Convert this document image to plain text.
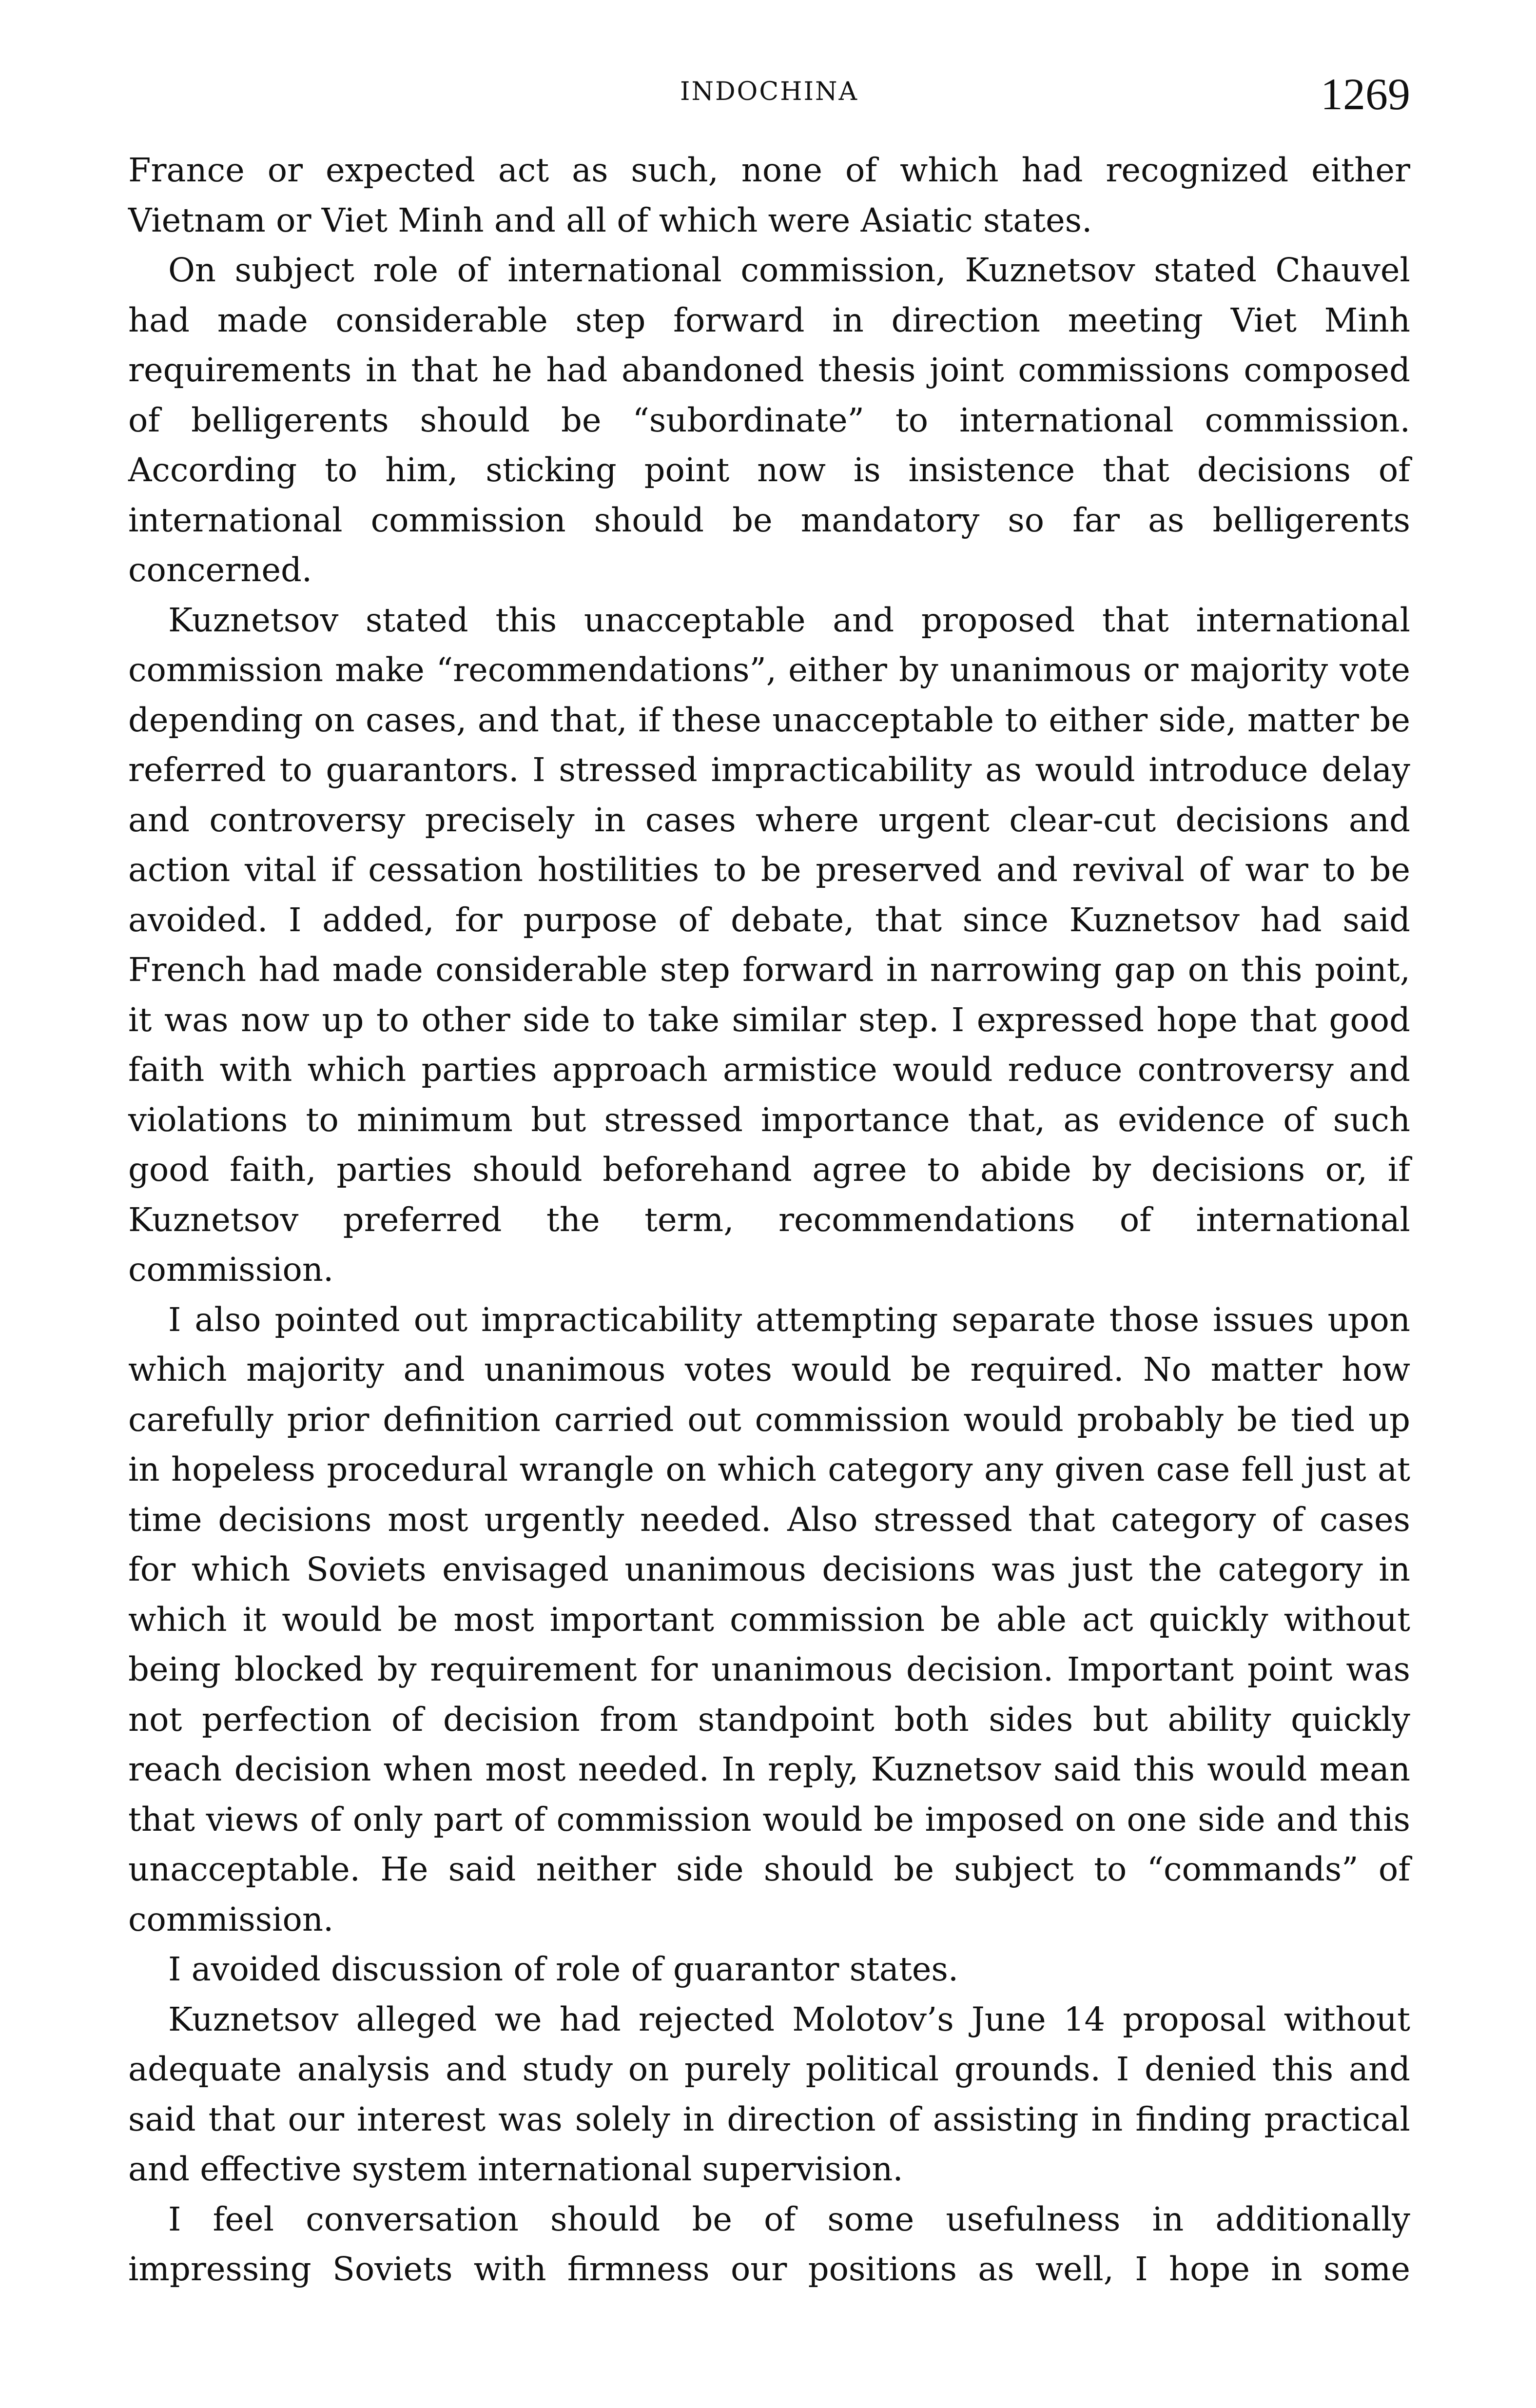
INDOCHINA	1269

France or expected act as such, none of which had recognized either Vietnam or Viet Minh and all of which were Asiatic states.

On subject role of international commission, Kuznetsov stated Chauvel had made considerable step forward in direction meeting Viet Minh requirements in that he had abandoned thesis joint commissions composed of belligerents should be “subordinate” to international commission. According to him, sticking point now is insistence that decisions of international commission should be mandatory so far as belligerents concerned.

Kuznetsov stated this unacceptable and proposed that international commission make “recommendations”, either by unanimous or majority vote depending on cases, and that, if these unacceptable to either side, matter be referred to guarantors. I stressed impracticability as would introduce delay and controversy precisely in cases where urgent clear-cut decisions and action vital if cessation hostilities to be preserved and revival of war to be avoided. I added, for purpose of debate, that since Kuznetsov had said French had made considerable step forward in narrowing gap on this point, it was now up to other side to take similar step. I expressed hope that good faith with which parties approach armistice would reduce controversy and violations to minimum but stressed importance that, as evidence of such good faith, parties should beforehand agree to abide by decisions or, if Kuznetsov preferred the term, recommendations of international commission.

I also pointed out impracticability attempting separate those issues upon which majority and unanimous votes would be required. No matter how carefully prior definition carried out commission would probably be tied up in hopeless procedural wrangle on which category any given case fell just at time decisions most urgently needed. Also stressed that category of cases for which Soviets envisaged unanimous decisions was just the category in which it would be most important commission be able act quickly without being blocked by requirement for unanimous decision. Important point was not perfection of decision from standpoint both sides but ability quickly reach decision when most needed. In reply, Kuznetsov said this would mean that views of only part of commission would be imposed on one side and this unacceptable. He said neither side should be subject to “commands” of commission.

I avoided discussion of role of guarantor states.

Kuznetsov alleged we had rejected Molotov’s June 14 proposal without adequate analysis and study on purely political grounds. I denied this and said that our interest was solely in direction of assisting in finding practical and effective system international supervision.

I feel conversation should be of some usefulness in additionally impressing Soviets with firmness our positions as well, I hope in some
